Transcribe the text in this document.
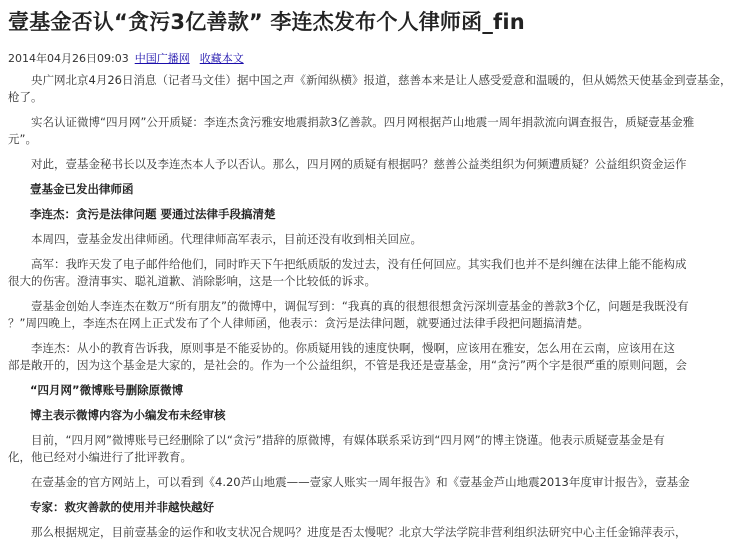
壹基金否认“贪污3亿善款” 李连杰发布个人律师函_fin
2014年04月26日09:03 中国广播网 收藏本文

央广网北京4月26日消息（记者马文佳）据中国之声《新闻纵横》报道，慈善本来是让人感受爱意和温暖的，但从嫣然天使基金到壹基金，

枪了。

实名认证微博“四月网”公开质疑：李连杰贪污雅安地震捐款3亿善款。四月网根据芦山地震一周年捐款流向调查报告，质疑壹基金雅

元”。

对此，壹基金秘书长以及李连杰本人予以否认。那么，四月网的质疑有根据吗？慈善公益类组织为何频遭质疑？公益组织资金运作

壹基金已发出律师函

李连杰：贪污是法律问题 要通过法律手段搞清楚

本周四，壹基金发出律师函。代理律师高军表示，目前还没有收到相关回应。

高军：我昨天发了电子邮件给他们，同时昨天下午把纸质版的发过去，没有任何回应。其实我们也并不是纠缠在法律上能不能构成

很大的伤害。澄清事实、聪礼道歉、消除影响，这是一个比较低的诉求。

壹基金创始人李连杰在数万“所有朋友”的微博中，调侃写到：“我真的真的很想很想贪污深圳壹基金的善款3个亿，问题是我既没有

？”周四晚上，李连杰在网上正式发布了个人律师函，他表示：贪污是法律问题，就要通过法律手段把问题搞清楚。

李连杰：从小的教育告诉我，原则事是不能妥协的。你质疑用钱的速度快啊，慢啊，应该用在雅安，怎么用在云南，应该用在这

部是敞开的，因为这个基金是大家的，是社会的。作为一个公益组织，不管是我还是壹基金，用“贪污”两个字是很严重的原则问题，会

“四月网”微博账号删除原微博

博主表示微博内容为小编发布未经审核

目前，“四月网”微博账号已经删除了以“贪污”措辞的原微博，有媒体联系采访到“四月网”的博主饶谨。他表示质疑壹基金是有

化，他已经对小编进行了批评教育。

在壹基金的官方网站上，可以看到《4.20芦山地震——壹家人账实一周年报告》和《壹基金芦山地震2013年度审计报告》，壹基金

专家：救灾善款的使用并非越快越好

那么根据规定，目前壹基金的运作和收支状况合规吗？进度是否太慢呢？北京大学法学院非营利组织法研究中心主任金锦萍表示，
